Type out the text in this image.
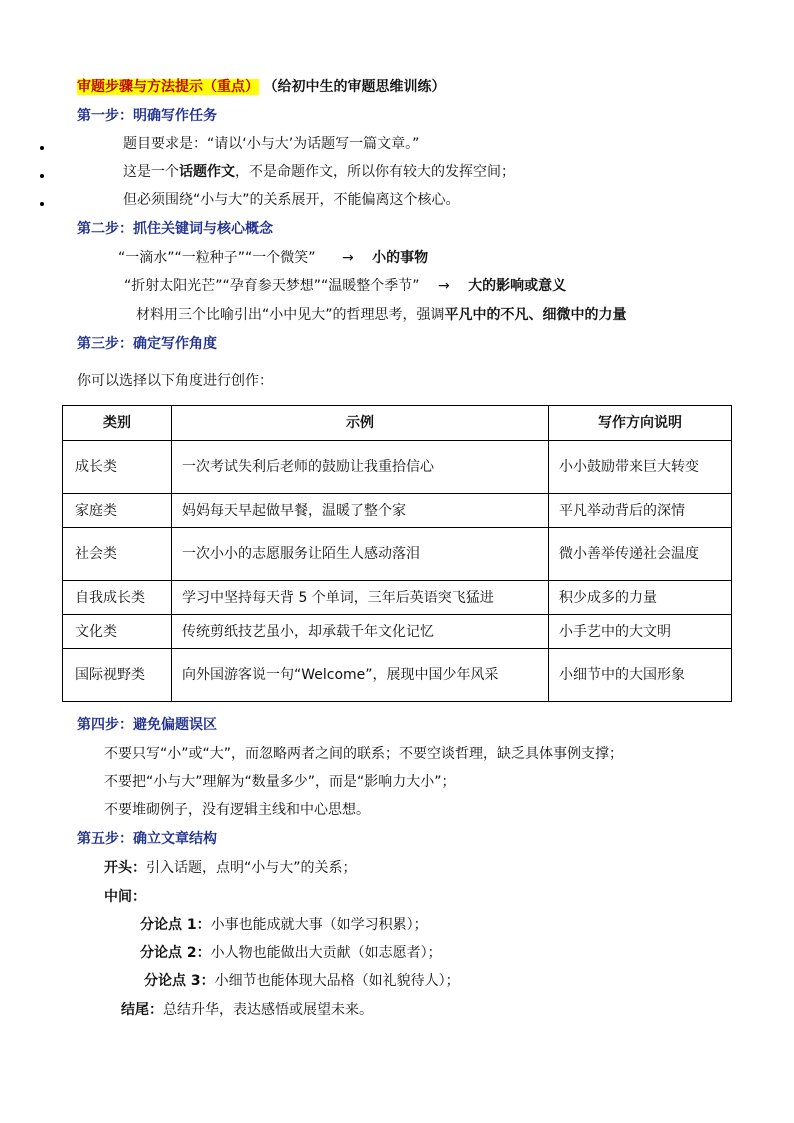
审题步骤与方法提示（重点） （给初中生的审题思维训练）
第一步：明确写作任务
题目要求是：“请以‘小与大’为话题写一篇文章。”
这是一个话题作文，不是命题作文，所以你有较大的发挥空间；
但必须围绕“小与大”的关系展开，不能偏离这个核心。
第二步：抓住关键词与核心概念
“一滴水”“一粒种子”“一个微笑” → 小的事物
“折射太阳光芒”“孕育参天梦想”“温暖整个季节” → 大的影响或意义
材料用三个比喻引出“小中见大”的哲理思考，强调平凡中的不凡、细微中的力量
第三步：确定写作角度
你可以选择以下角度进行创作：
类别	示例	写作方向说明
成长类	一次考试失利后老师的鼓励让我重拾信心	小小鼓励带来巨大转变
家庭类	妈妈每天早起做早餐，温暖了整个家	平凡举动背后的深情
社会类	一次小小的志愿服务让陌生人感动落泪	微小善举传递社会温度
自我成长类	学习中坚持每天背 5 个单词，三年后英语突飞猛进	积少成多的力量
文化类	传统剪纸技艺虽小，却承载千年文化记忆	小手艺中的大文明
国际视野类	向外国游客说一句“Welcome”，展现中国少年风采	小细节中的大国形象
第四步：避免偏题误区
不要只写“小”或“大”，而忽略两者之间的联系；不要空谈哲理，缺乏具体事例支撑；
不要把“小与大”理解为“数量多少”，而是“影响力大小”；
不要堆砌例子，没有逻辑主线和中心思想。
第五步：确立文章结构
开头：引入话题，点明“小与大”的关系；
中间：
分论点 1：小事也能成就大事（如学习积累）；
分论点 2：小人物也能做出大贡献（如志愿者）；
分论点 3：小细节也能体现大品格（如礼貌待人）；
结尾：总结升华，表达感悟或展望未来。
